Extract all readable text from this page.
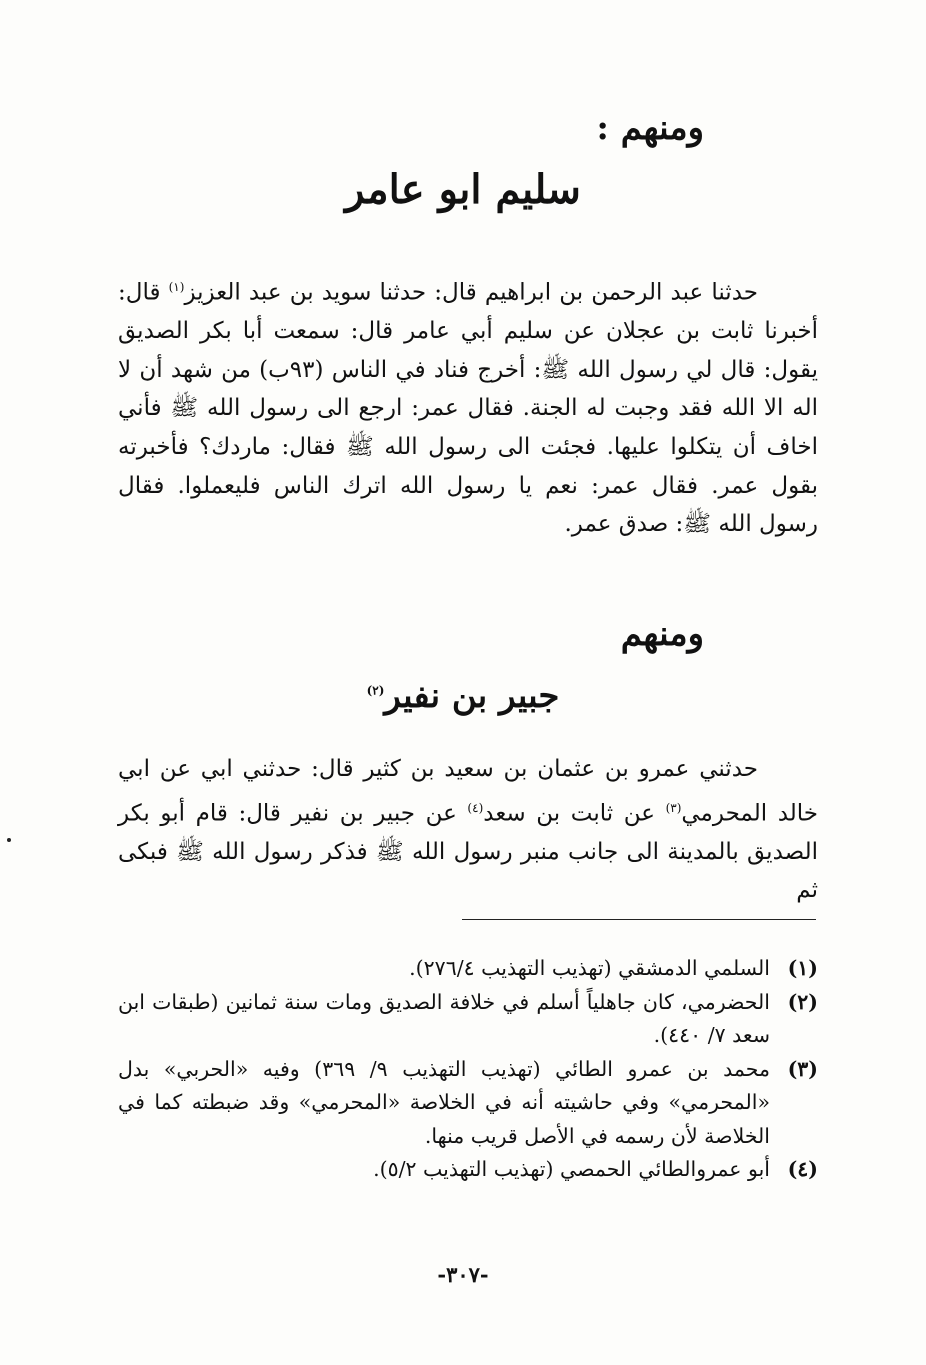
ومنهم :
سليم ابو عامر

حدثنا عبد الرحمن بن ابراهيم قال: حدثنا سويد بن عبد العزيز$^{(١)}$ قال: أخبرنا ثابت بن عجلان عن سليم أبي عامر قال: سمعت أبا بكر الصديق يقول: قال لي رسول الله ﷺ: أخرج فناد في الناس (٩٣ب) من شهد أن لا اله الا الله فقد وجبت له الجنة. فقال عمر: ارجع الى رسول الله ﷺ فأني اخاف أن يتكلوا عليها. فجئت الى رسول الله ﷺ فقال: ماردك؟ فأخبرته بقول عمر. فقال عمر: نعم يا رسول الله اترك الناس فليعملوا. فقال رسول الله ﷺ: صدق عمر.

ومنهم
جبير بن نفير$^{(٢)}$

حدثني عمرو بن عثمان بن سعيد بن كثير قال: حدثني ابي عن ابي خالد المحرمي$^{(٣)}$ عن ثابت بن سعد$^{(٤)}$ عن جبير بن نفير قال: قام أبو بكر الصديق بالمدينة الى جانب منبر رسول الله ﷺ فذكر رسول الله ﷺ فبكى ثم

(١)
السلمي الدمشقي (تهذيب التهذيب ٢٧٦/٤).
(٢)
الحضرمي، كان جاهلياً أسلم في خلافة الصديق ومات سنة ثمانين (طبقات ابن سعد ٧/ ٤٤٠).
(٣)
محمد بن عمرو الطائي (تهذيب التهذيب ٩/ ٣٦٩) وفيه «الحربي» بدل «المحرمي» وفي حاشيته أنه في الخلاصة «المحرمي» وقد ضبطته كما في الخلاصة لأن رسمه في الأصل قريب منها.
(٤)
أبو عمروالطائي الحمصي (تهذيب التهذيب ٥/٢).
-٣٠٧-
